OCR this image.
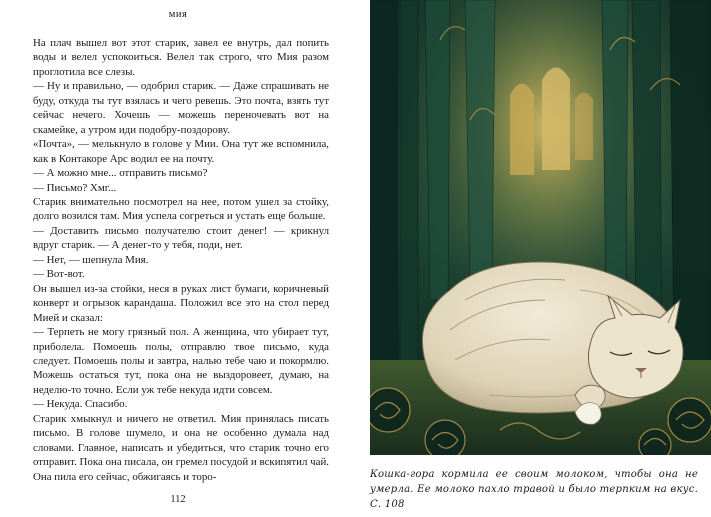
мия

На плач вышел вот этот старик, завел ее внутрь, дал попить воды и велел успокоиться. Велел так строго, что Мия разом проглотила все слезы.

— Ну и правильно, — одобрил старик. — Даже спрашивать не буду, откуда ты тут взялась и чего ревешь. Это почта, взять тут сейчас нечего. Хочешь — можешь переночевать вот на скамейке, а утром иди подобру-поздорову.

«Почта», — мелькнуло в голове у Мии. Она тут же вспомнила, как в Контакоре Арс водил ее на почту.

— А можно мне... отправить письмо?

— Письмо? Хмг...

Старик внимательно посмотрел на нее, потом ушел за стойку, долго возился там. Мия успела согреться и устать еще больше.

— Доставить письмо получателю стоит денег! — крикнул вдруг старик. — А денег-то у тебя, поди, нет.

— Нет, — шепнула Мия.

— Вот-вот.

Он вышел из-за стойки, неся в руках лист бумаги, коричневый конверт и огрызок карандаша. Положил все это на стол перед Мией и сказал:

— Терпеть не могу грязный пол. А женщина, что убирает тут, приболела. Помоешь полы, отправлю твое письмо, куда следует. Помоешь полы и завтра, налью тебе чаю и покормлю. Можешь остаться тут, пока она не выздоровеет, думаю, на неделю-то точно. Если уж тебе некуда идти совсем.

— Некуда. Спасибо.

Старик хмыкнул и ничего не ответил. Мия принялась писать письмо. В голове шумело, и она не особенно думала над словами. Главное, написать и убедиться, что старик точно его отправит. Пока она писала, он гремел посудой и вскипятил чай. Она пила его сейчас, обжигаясь и торо-

112
Кошка-гора кормила ее своим молоком, чтобы она не умерла. Ее молоко пахло травой и было терпким на вкус. С. 108
